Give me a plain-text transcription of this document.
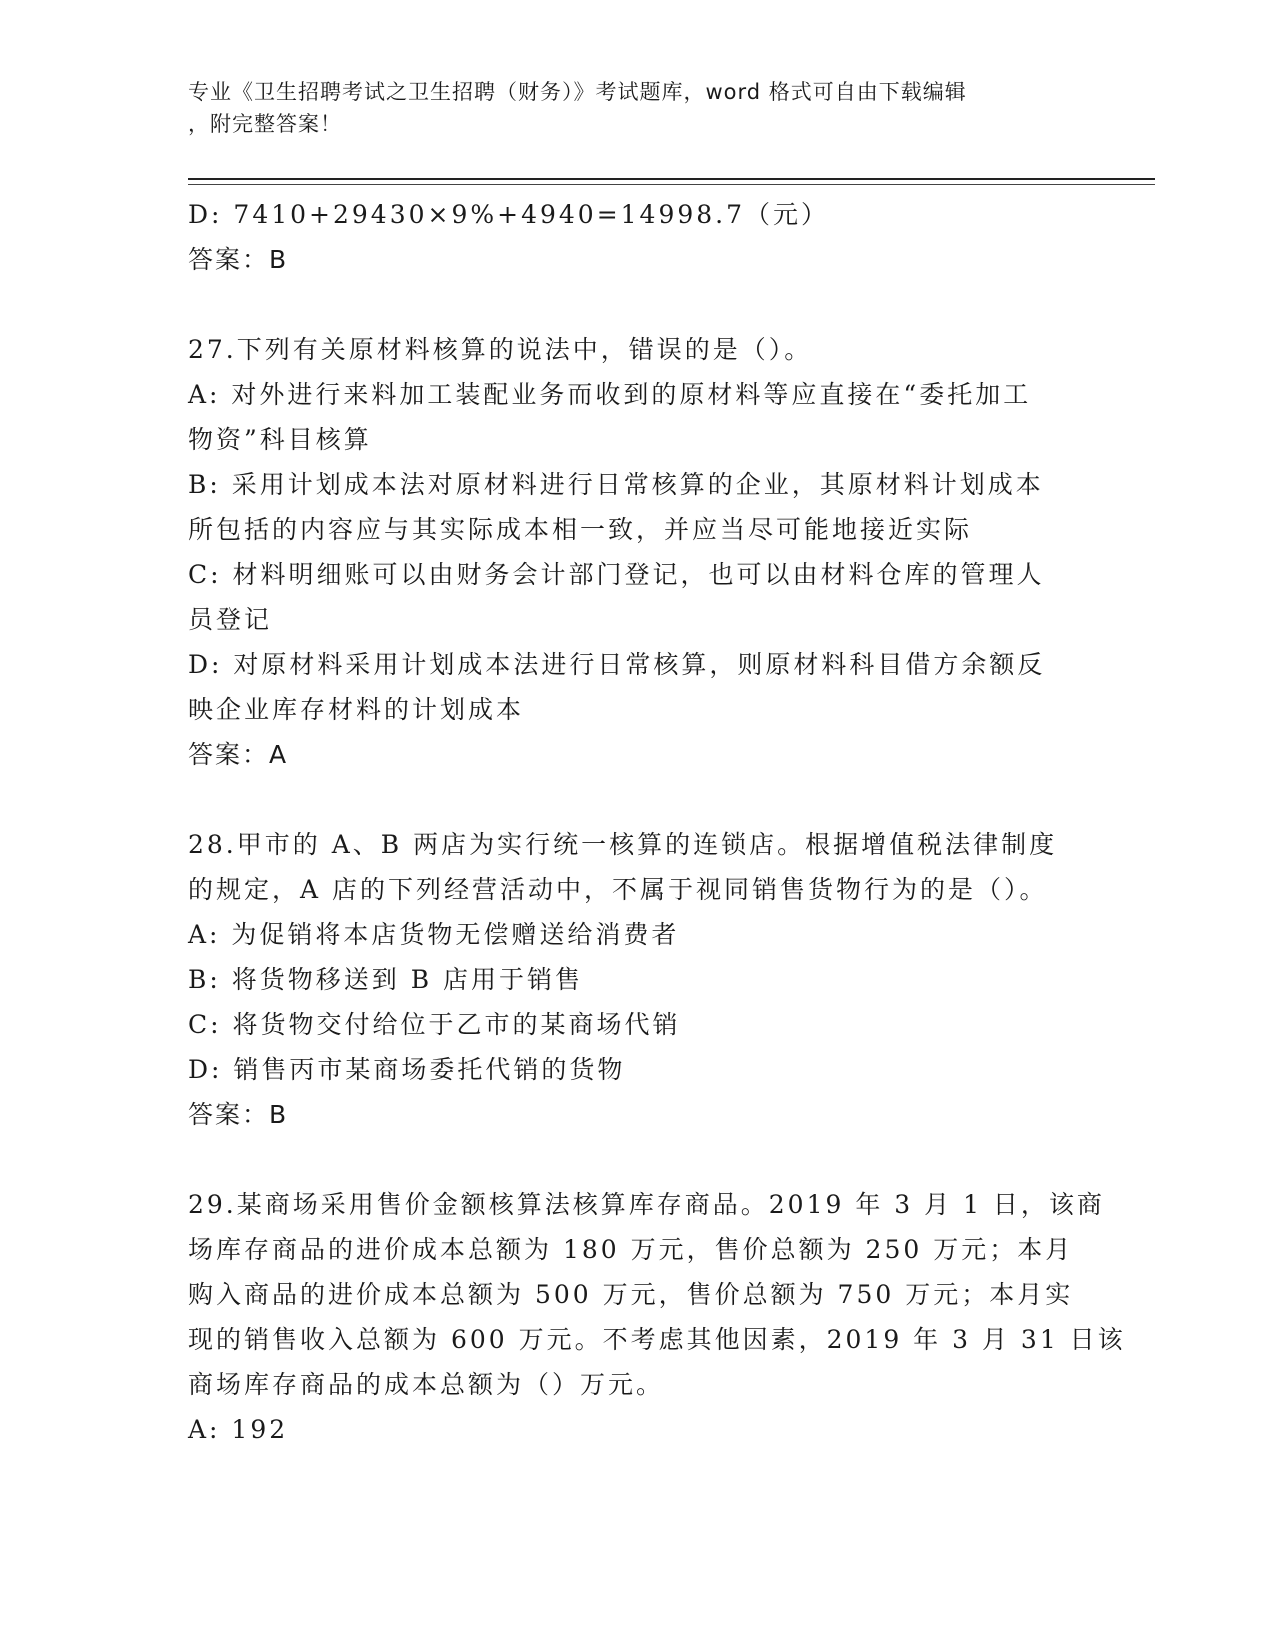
专业《卫生招聘考试之卫生招聘（财务）》考试题库，word 格式可自由下载编辑
，附完整答案！
D: 7410+29430×9%+4940=14998.7（元）
答案：B
27.下列有关原材料核算的说法中，错误的是（）。
A: 对外进行来料加工装配业务而收到的原材料等应直接在“委托加工
物资”科目核算
B: 采用计划成本法对原材料进行日常核算的企业，其原材料计划成本
所包括的内容应与其实际成本相一致，并应当尽可能地接近实际
C: 材料明细账可以由财务会计部门登记，也可以由材料仓库的管理人
员登记
D: 对原材料采用计划成本法进行日常核算，则原材料科目借方余额反
映企业库存材料的计划成本
答案：A
28.甲市的 A、B 两店为实行统一核算的连锁店。根据增值税法律制度
的规定，A 店的下列经营活动中，不属于视同销售货物行为的是（）。
A: 为促销将本店货物无偿赠送给消费者
B: 将货物移送到 B 店用于销售
C: 将货物交付给位于乙市的某商场代销
D: 销售丙市某商场委托代销的货物
答案：B
29.某商场采用售价金额核算法核算库存商品。2019 年 3 月 1 日，该商
场库存商品的进价成本总额为 180 万元，售价总额为 250 万元；本月
购入商品的进价成本总额为 500 万元，售价总额为 750 万元；本月实
现的销售收入总额为 600 万元。不考虑其他因素，2019 年 3 月 31 日该
商场库存商品的成本总额为（）万元。
A: 192
